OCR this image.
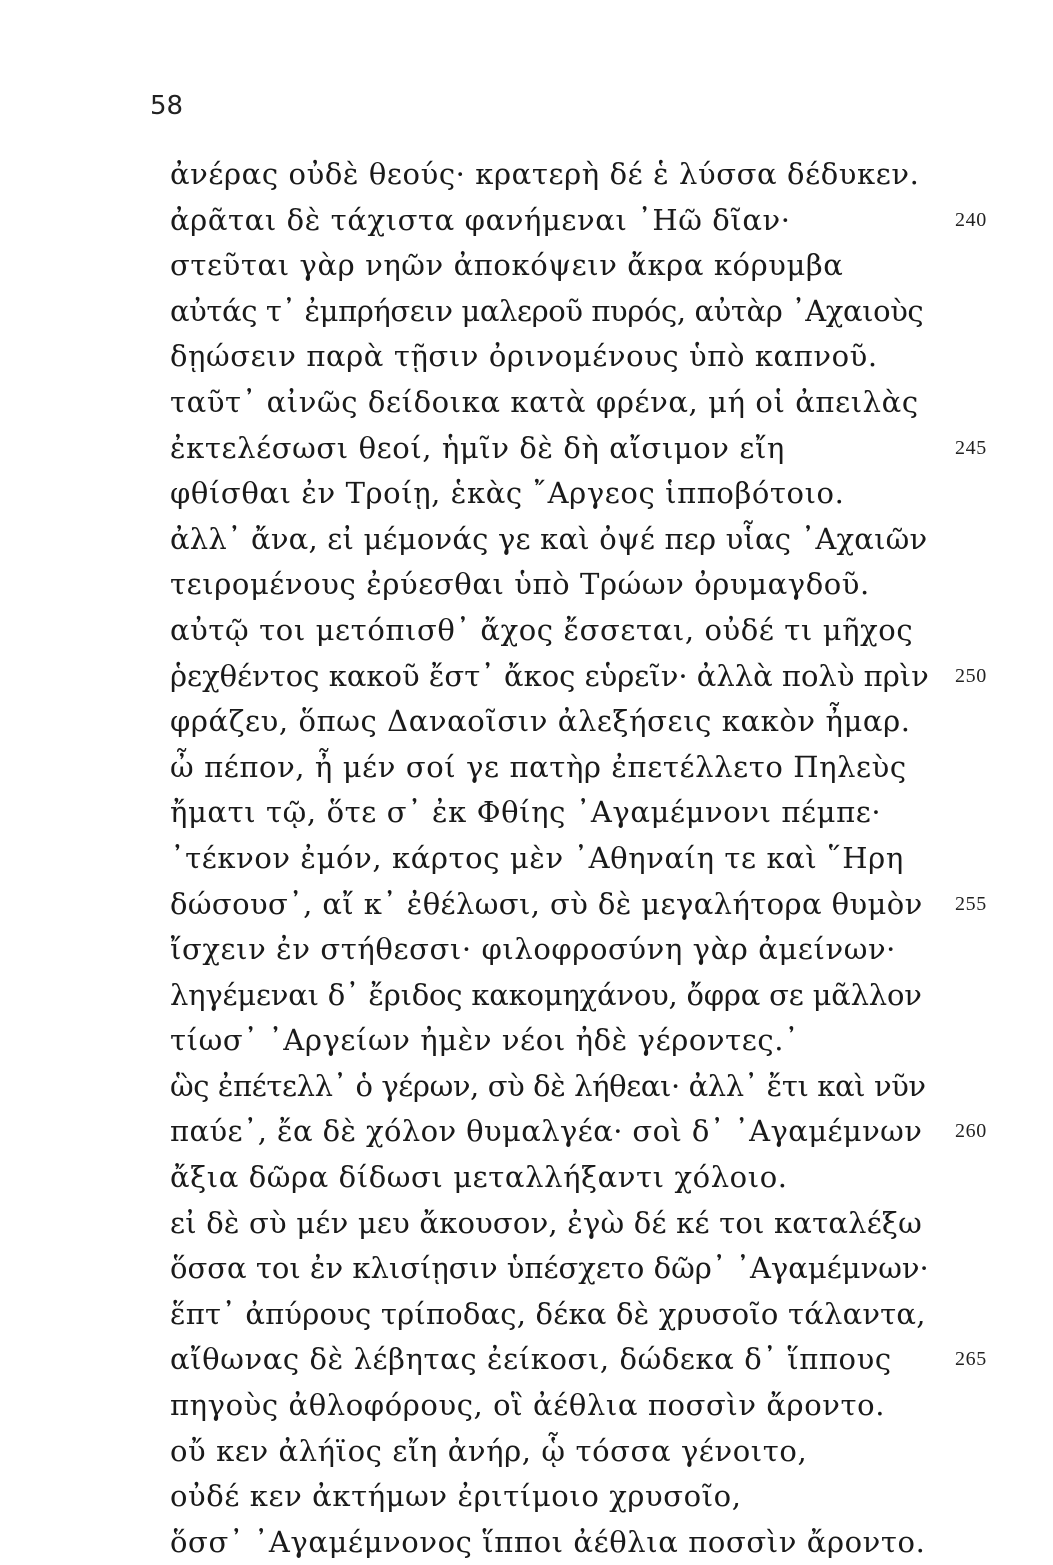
58
ἀνέρας οὐδὲ θεούς· κρατερὴ δέ ἑ λύσσα δέδυκεν.
ἀρᾶται δὲ τάχιστα φανήμεναι ᾿Ηῶ δῖαν·	240
στεῦται γὰρ νηῶν ἀποκόψειν ἄκρα κόρυμβα
αὐτάς τ᾿ ἐμπρήσειν μαλεροῦ πυρός, αὐτὰρ ᾿Αχαιοὺς
δῃώσειν παρὰ τῇσιν ὀρινομένους ὑπὸ καπνοῦ.
ταῦτ᾿ αἰνῶς δείδοικα κατὰ φρένα, μή οἱ ἀπειλὰς
ἐκτελέσωσι θεοί, ἡμῖν δὲ δὴ αἴσιμον εἴη	245
φθίσθαι ἐν Τροίῃ, ἑκὰς ῎Αργεος ἱπποβότοιο.
ἀλλ᾿ ἄνα, εἰ μέμονάς γε καὶ ὀψέ περ υἷας ᾿Αχαιῶν
τειρομένους ἐρύεσθαι ὑπὸ Τρώων ὀρυμαγδοῦ.
αὐτῷ τοι μετόπισθ᾿ ἄχος ἔσσεται, οὐδέ τι μῆχος
ῥεχθέντος κακοῦ ἔστ᾿ ἄκος εὑρεῖν· ἀλλὰ πολὺ πρὶν 250
φράζευ, ὅπως Δαναοῖσιν ἀλεξήσεις κακὸν ἦμαρ.
ὦ πέπον, ἦ μέν σοί γε πατὴρ ἐπετέλλετο Πηλεὺς
ἤματι τῷ, ὅτε σ᾿ ἐκ Φθίης ᾿Αγαμέμνονι πέμπε·
᾿τέκνον ἐμόν, κάρτος μὲν ᾿Αθηναίη τε καὶ ῞Ηρη
δώσουσ᾿, αἴ κ᾿ ἐθέλωσι, σὺ δὲ μεγαλήτορα θυμὸν 255
ἴσχειν ἐν στήθεσσι· φιλοφροσύνη γὰρ ἀμείνων·
ληγέμεναι δ᾿ ἔριδος κακομηχάνου, ὄφρα σε μᾶλλον
τίωσ᾿ ᾿Αργείων ἠμὲν νέοι ἠδὲ γέροντες.᾿
ὣς ἐπέτελλ᾿ ὁ γέρων, σὺ δὲ λήθεαι· ἀλλ᾿ ἔτι καὶ νῦν
παύε᾿, ἔα δὲ χόλον θυμαλγέα· σοὶ δ᾿ ᾿Αγαμέμνων 260
ἄξια δῶρα δίδωσι μεταλλήξαντι χόλοιο.
εἰ δὲ σὺ μέν μευ ἄκουσον, ἐγὼ δέ κέ τοι καταλέξω
ὅσσα τοι ἐν κλισίῃσιν ὑπέσχετο δῶρ᾿ ᾿Αγαμέμνων·
ἕπτ᾿ ἀπύρους τρίποδας, δέκα δὲ χρυσοῖο τάλαντα,
αἴθωνας δὲ λέβητας ἐείκοσι, δώδεκα δ᾿ ἵππους	265
πηγοὺς ἀθλοφόρους, οἳ ἀέθλια ποσσὶν ἄροντο.
οὔ κεν ἀλήϊος εἴη ἀνήρ, ᾧ τόσσα γένοιτο,
οὐδέ κεν ἀκτήμων ἐριτίμοιο χρυσοῖο,
ὅσσ᾿ ᾿Αγαμέμνονος ἵπποι ἀέθλια ποσσὶν ἄροντο.
